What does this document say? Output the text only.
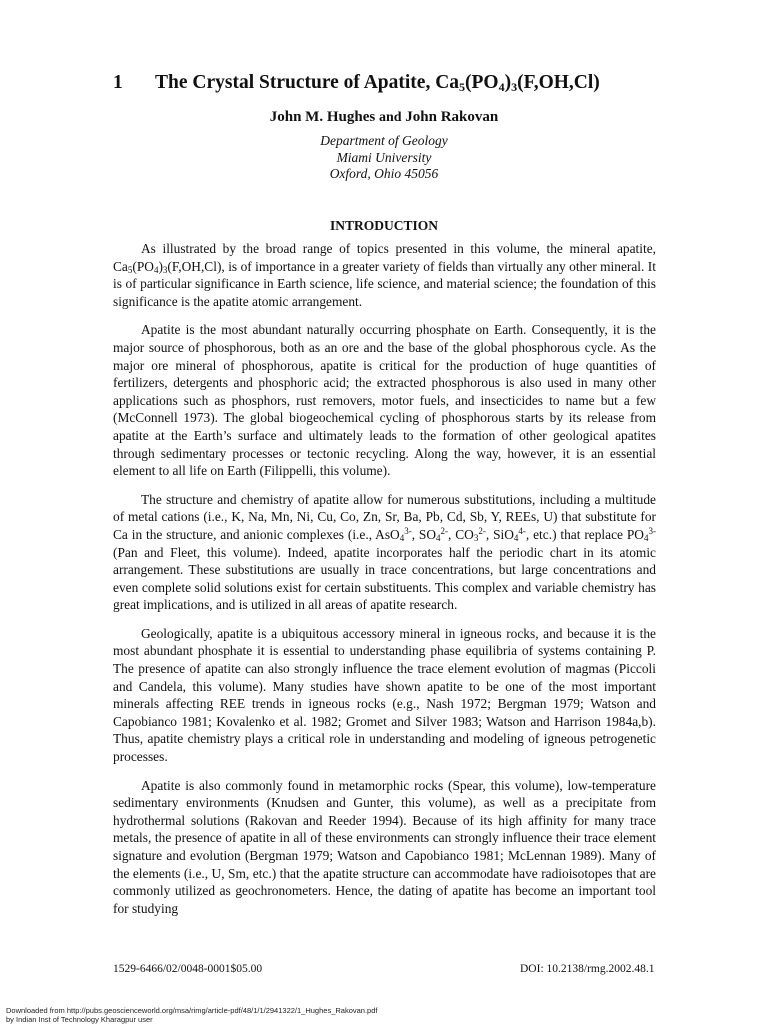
1 The Crystal Structure of Apatite, $Ca_5(PO_4)_3(F,OH,Cl)$
John M. Hughes and John Rakovan
Department of Geology
Miami University
Oxford, Ohio 45056
INTRODUCTION

As illustrated by the broad range of topics presented in this volume, the mineral apatite, $Ca_5(PO_4)_3(F,OH,Cl)$, is of importance in a greater variety of fields than virtually any other mineral. It is of particular significance in Earth science, life science, and material science; the foundation of this significance is the apatite atomic arrangement.

Apatite is the most abundant naturally occurring phosphate on Earth. Consequently, it is the major source of phosphorous, both as an ore and the base of the global phosphorous cycle. As the major ore mineral of phosphorous, apatite is critical for the production of huge quantities of fertilizers, detergents and phosphoric acid; the extracted phosphorous is also used in many other applications such as phosphors, rust removers, motor fuels, and insecticides to name but a few (McConnell 1973). The global biogeochemical cycling of phosphorous starts by its release from apatite at the Earth’s surface and ultimately leads to the formation of other geological apatites through sedimentary processes or tectonic recycling. Along the way, however, it is an essential element to all life on Earth (Filippelli, this volume).

The structure and chemistry of apatite allow for numerous substitutions, including a multitude of metal cations (i.e., K, Na, Mn, Ni, Cu, Co, Zn, Sr, Ba, Pb, Cd, Sb, Y, REEs, U) that substitute for Ca in the structure, and anionic complexes (i.e., AsO$_4^{3-}$, $SO_4^{2-}$, $CO_3^{2-}$, SiO$_4^{4-}$, etc.) that replace $PO_4^{3-}$ (Pan and Fleet, this volume). Indeed, apatite incorporates half the periodic chart in its atomic arrangement. These substitutions are usually in trace concentrations, but large concentrations and even complete solid solutions exist for certain substituents. This complex and variable chemistry has great implications, and is utilized in all areas of apatite research.

Geologically, apatite is a ubiquitous accessory mineral in igneous rocks, and because it is the most abundant phosphate it is essential to understanding phase equilibria of systems containing P. The presence of apatite can also strongly influence the trace element evolution of magmas (Piccoli and Candela, this volume). Many studies have shown apatite to be one of the most important minerals affecting REE trends in igneous rocks (e.g., Nash 1972; Bergman 1979; Watson and Capobianco 1981; Kovalenko et al. 1982; Gromet and Silver 1983; Watson and Harrison 1984a,b). Thus, apatite chemistry plays a critical role in understanding and modeling of igneous petrogenetic processes.

Apatite is also commonly found in metamorphic rocks (Spear, this volume), low-temperature sedimentary environments (Knudsen and Gunter, this volume), as well as a precipitate from hydrothermal solutions (Rakovan and Reeder 1994). Because of its high affinity for many trace metals, the presence of apatite in all of these environments can strongly influence their trace element signature and evolution (Bergman 1979; Watson and Capobianco 1981; McLennan 1989). Many of the elements (i.e., U, Sm, etc.) that the apatite structure can accommodate have radioisotopes that are commonly utilized as geochronometers. Hence, the dating of apatite has become an important tool for studying

1529-6466/02/0048-0001$05.00	DOI: 10.2138/rmg.2002.48.1
Downloaded from http://pubs.geoscienceworld.org/msa/rimg/article-pdf/48/1/1/2941322/1_Hughes_Rakovan.pdf
by Indian Inst of Technology Kharagpur user
